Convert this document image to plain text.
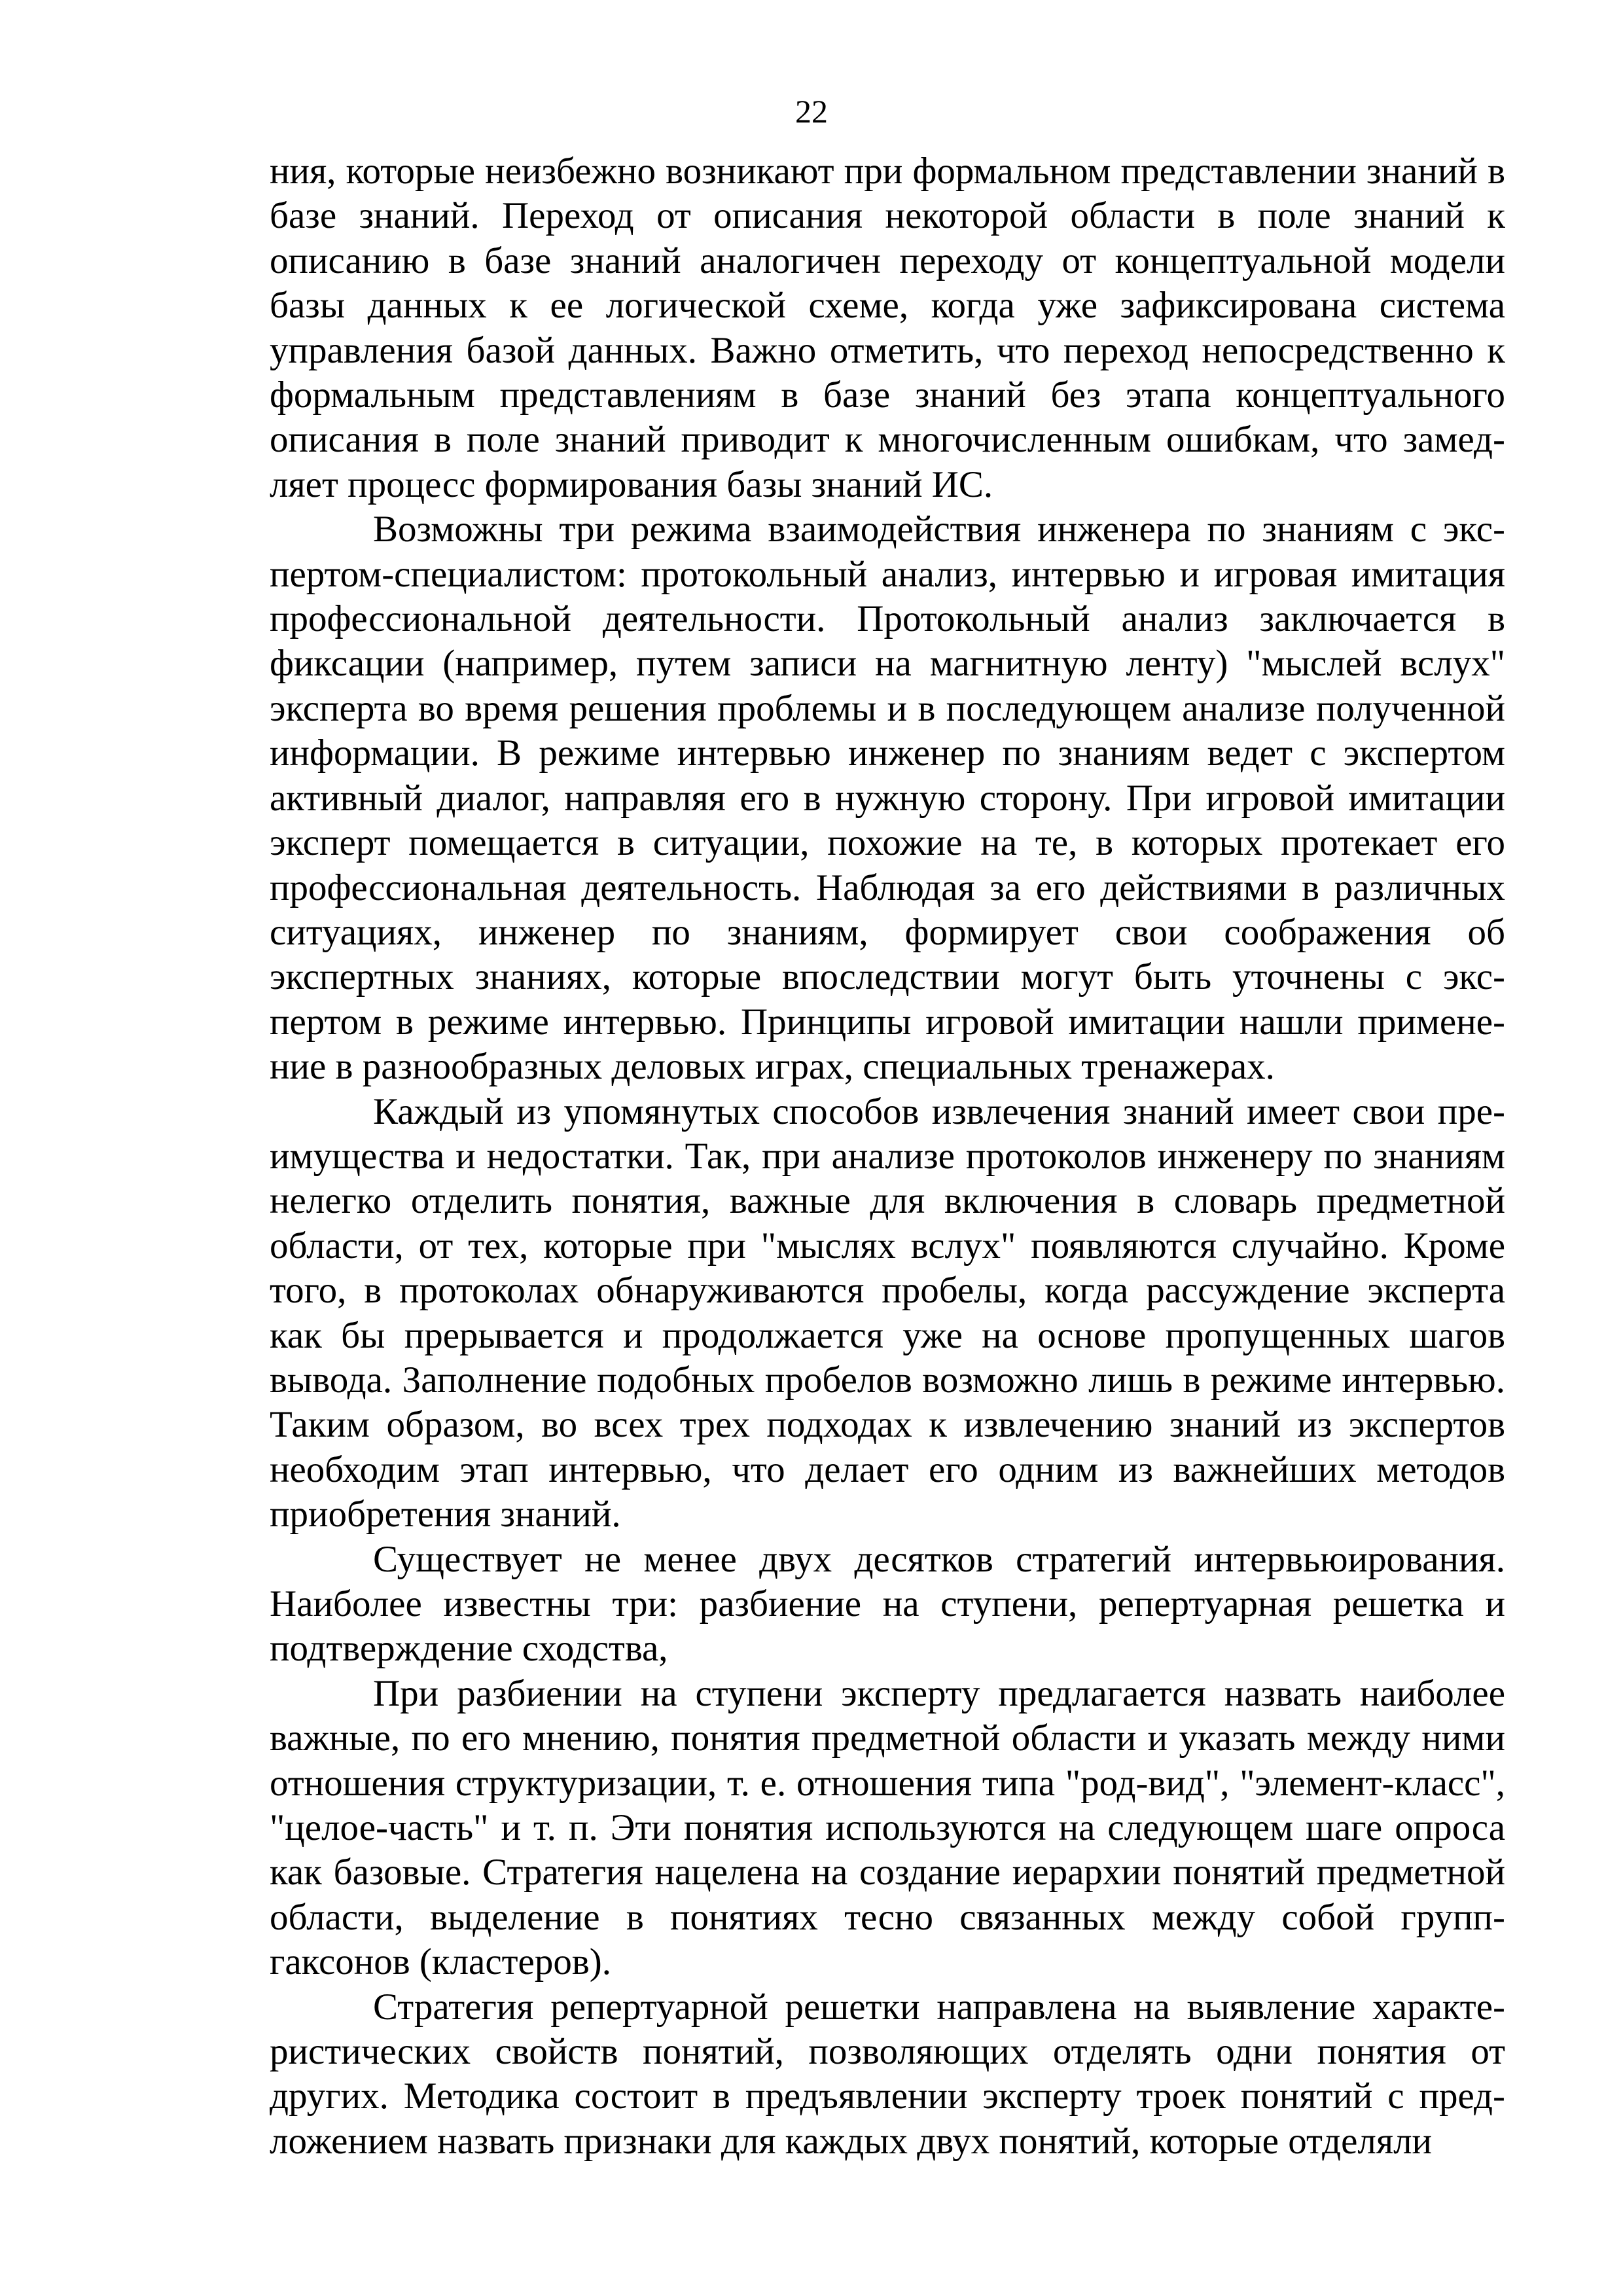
22

ния, которые неизбежно возникают при формальном представлении знаний в базе знаний. Переход от описания некоторой области в поле знаний к описанию в базе знаний аналогичен переходу от концептуальной модели базы данных к ее логической схеме, когда уже зафиксирована система управления базой данных. Важно отметить, что переход непосредственно к формальным представлениям в базе знаний без этапа концептуального описания в поле знаний приводит к многочисленным ошибкам, что замедляет процесс формирования базы знаний ИС.

Возможны три режима взаимодействия инженера по знаниям с экспертом-специалистом: протокольный анализ, интервью и игровая имитация профессиональной деятельности. Протокольный анализ заключается в фиксации (например, путем записи на магнитную ленту) "мыслей вслух" эксперта во время решения проблемы и в последующем анализе полученной информации. В режиме интервью инженер по знаниям ведет с экспертом активный диалог, направляя его в нужную сторону. При игровой имитации эксперт помещается в ситуации, похожие на те, в которых протекает его профессиональная деятельность. Наблюдая за его действиями в различных ситуациях, инженер по знаниям, формирует свои соображения об экспертных знаниях, которые впоследствии могут быть уточнены с экспертом в режиме интервью. Принципы игровой имитации нашли применение в разнообразных деловых играх, специальных тренажерах.

Каждый из упомянутых способов извлечения знаний имеет свои преимущества и недостатки. Так, при анализе протоколов инженеру по знаниям нелегко отделить понятия, важные для включения в словарь предметной области, от тех, которые при "мыслях вслух" появляются случайно. Кроме того, в протоколах обнаруживаются пробелы, когда рассуждение эксперта как бы прерывается и продолжается уже на основе пропущенных шагов вывода. Заполнение подобных пробелов возможно лишь в режиме интервью. Таким образом, во всех трех подходах к извлечению знаний из экспертов необходим этап интервью, что делает его одним из важнейших методов приобретения знаний.

Существует не менее двух десятков стратегий интервьюирования. Наиболее известны три: разбиение на ступени, репертуарная решетка и подтверждение сходства,

При разбиении на ступени эксперту предлагается назвать наиболее важные, по его мнению, понятия предметной области и указать между ними отношения структуризации, т. е. отношения типа "род-вид", "элемент-класс", "целое-часть" и т. п. Эти понятия используются на следующем шаге опроса как базовые. Стратегия нацелена на создание иерархии понятий предметной области, выделение в понятиях тесно связанных между собой групп-гаксонов (кластеров).

Стратегия репертуарной решетки направлена на выявление характеристических свойств понятий, позволяющих отделять одни понятия от других. Методика состоит в предъявлении эксперту троек понятий с предложением назвать признаки для каждых двух понятий, которые отделяли
